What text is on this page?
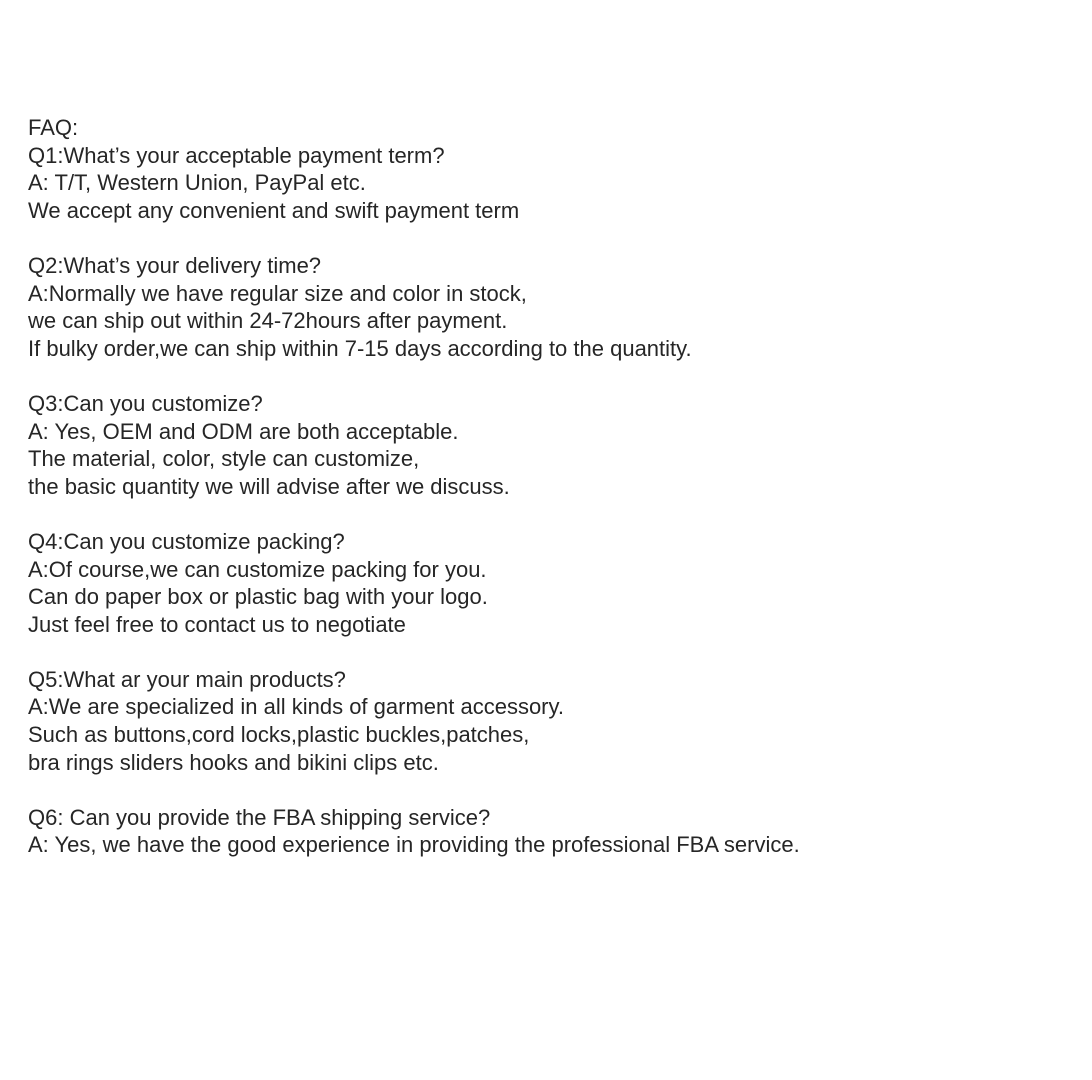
FAQ:
Q1:What’s your acceptable payment term?
A: T/T, Western Union, PayPal etc.
We accept any convenient and swift payment term
Q2:What’s your delivery time?
A:Normally we have regular size and color in stock,
we can ship out within 24-72hours after payment.
If bulky order,we can ship within 7-15 days according to the quantity.
Q3:Can you customize?
A: Yes, OEM and ODM are both acceptable.
The material, color, style can customize,
the basic quantity we will advise after we discuss.
Q4:Can you customize packing?
A:Of course,we can customize packing for you.
Can do paper box or plastic bag with your logo.
Just feel free to contact us to negotiate
Q5:What ar your main products?
A:We are specialized in all kinds of garment accessory.
Such as buttons,cord locks,plastic buckles,patches,
bra rings sliders hooks and bikini clips etc.
Q6: Can you provide the FBA shipping service?
A: Yes, we have the good experience in providing the professional FBA service.
